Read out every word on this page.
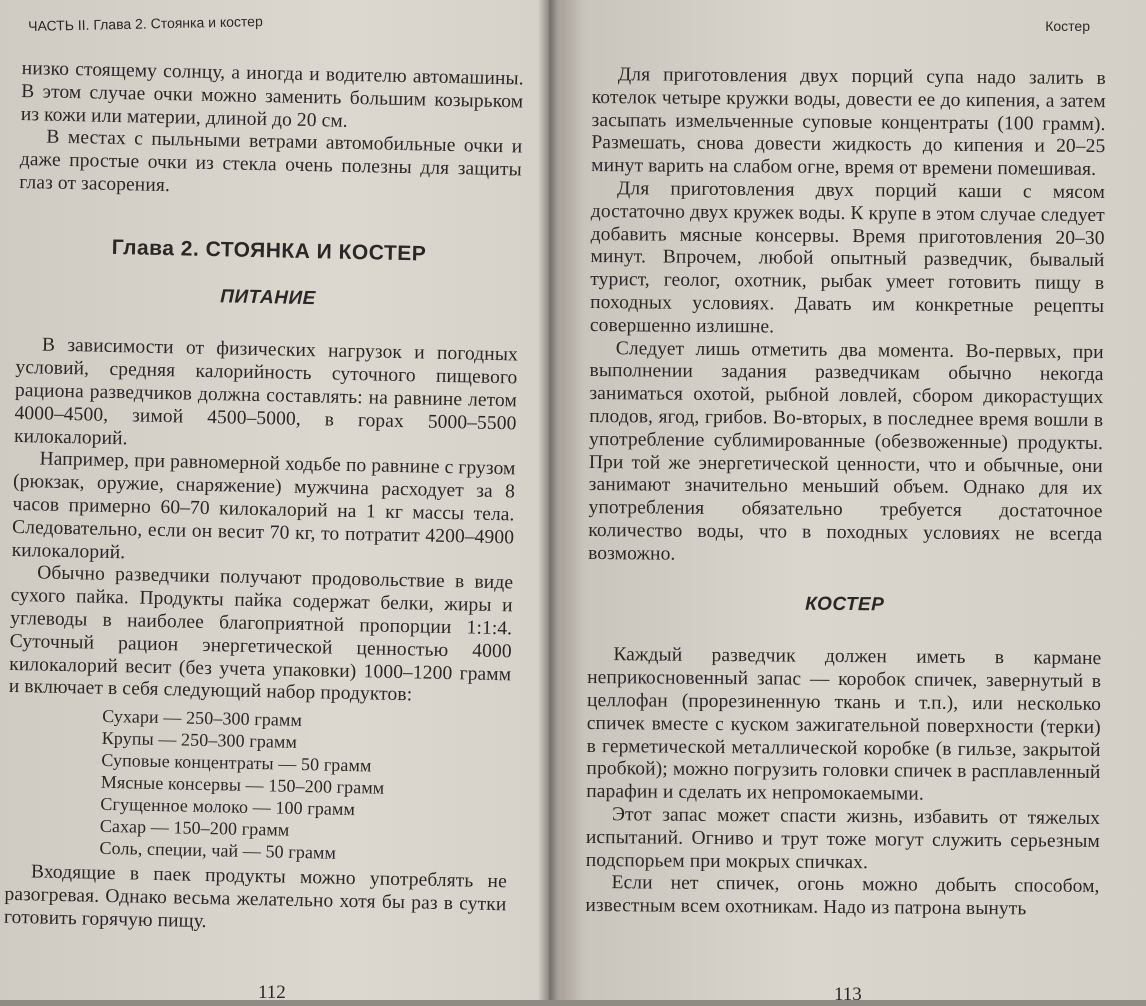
ЧАСТЬ II. Глава 2. Стоянка и костер

низко стоящему солнцу, а иногда и водителю автомашины. В этом случае очки можно заменить большим козырьком из кожи или материи, длиной до 20 см.

В местах с пыльными ветрами автомобильные очки и даже простые очки из стекла очень полезны для защиты глаз от засорения.

Глава 2. СТОЯНКА И КОСТЕР
ПИТАНИЕ

В зависимости от физических нагрузок и погодных условий, средняя калорийность суточного пищевого рациона разведчиков должна составлять: на равнине летом 4000–4500, зимой 4500–5000, в горах 5000–5500 килокалорий.

Например, при равномерной ходьбе по равнине с грузом (рюкзак, оружие, снаряжение) мужчина расходует за 8 часов примерно 60–70 килокалорий на 1 кг массы тела. Следовательно, если он весит 70 кг, то потратит 4200–4900 килокалорий.

Обычно разведчики получают продовольствие в виде сухого пайка. Продукты пайка содержат белки, жиры и углеводы в наиболее благоприятной пропорции 1:1:4. Суточный рацион энергетической ценностью 4000 килокалорий весит (без учета упаковки) 1000–1200 грамм и включает в себя следующий набор продуктов:

Сухари — 250–300 грамм
Крупы — 250–300 грамм
Суповые концентраты — 50 грамм
Мясные консервы — 150–200 грамм
Сгущенное молоко — 100 грамм
Сахар — 150–200 грамм
Соль, специи, чай — 50 грамм

Входящие в паек продукты можно употреблять не разогревая. Однако весьма желательно хотя бы раз в сутки готовить горячую пищу.

112
Костер

Для приготовления двух порций супа надо залить в котелок четыре кружки воды, довести ее до кипения, а затем засыпать измельченные суповые концентраты (100 грамм). Размешать, снова довести жидкость до кипения и 20–25 минут варить на слабом огне, время от времени помешивая.

Для приготовления двух порций каши с мясом достаточно двух кружек воды. К крупе в этом случае следует добавить мясные консервы. Время приготовления 20–30 минут. Впрочем, любой опытный разведчик, бывалый турист, геолог, охотник, рыбак умеет готовить пищу в походных условиях. Давать им конкретные рецепты совершенно излишне.

Следует лишь отметить два момента. Во-первых, при выполнении задания разведчикам обычно некогда заниматься охотой, рыбной ловлей, сбором дикорастущих плодов, ягод, грибов. Во-вторых, в последнее время вошли в употребление сублимированные (обезвоженные) продукты. При той же энергетической ценности, что и обычные, они занимают значительно меньший объем. Однако для их употребления обязательно требуется достаточное количество воды, что в походных условиях не всегда возможно.

КОСТЕР

Каждый разведчик должен иметь в кармане неприкосновенный запас — коробок спичек, завернутый в целлофан (прорезиненную ткань и т.п.), или несколько спичек вместе с куском зажигательной поверхности (терки) в герметической металлической коробке (в гильзе, закрытой пробкой); можно погрузить головки спичек в расплавленный парафин и сделать их непромокаемыми.

Этот запас может спасти жизнь, избавить от тяжелых испытаний. Огниво и трут тоже могут служить серьезным подспорьем при мокрых спичках.

Если нет спичек, огонь можно добыть способом, известным всем охотникам. Надо из патрона вынуть

113
